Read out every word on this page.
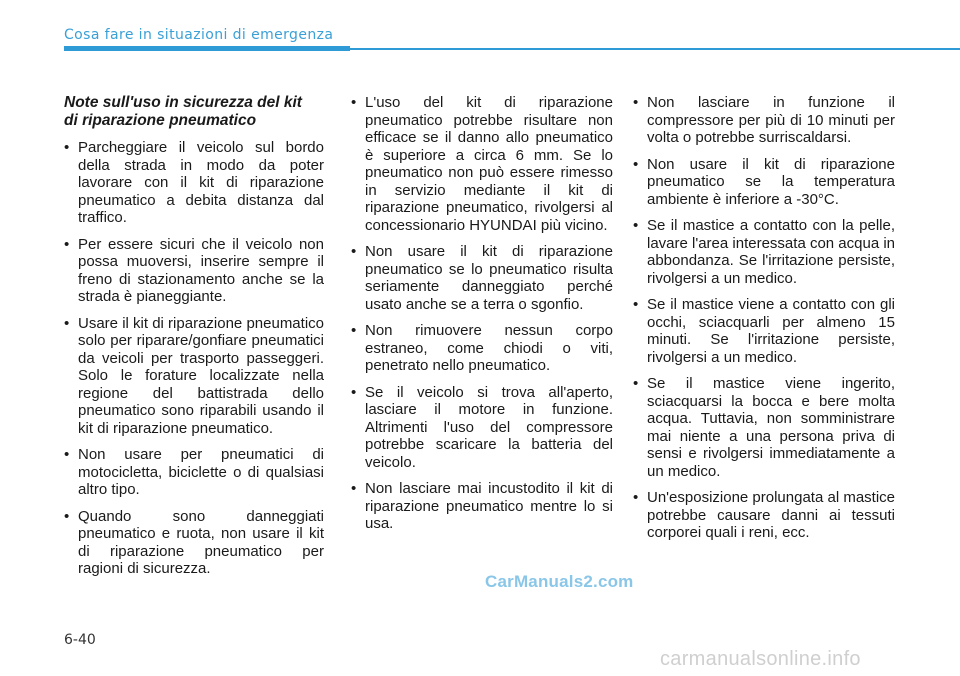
Cosa fare in situazioni di emergenza
Note sull'uso in sicurezza del kit di riparazione pneumatico
• Parcheggiare il veicolo sul bordo della strada in modo da poter lavorare con il kit di riparazione pneumatico a debita distanza dal traffico.
• Per essere sicuri che il veicolo non possa muoversi, inserire sempre il freno di stazionamento anche se la strada è pianeggiante.
• Usare il kit di riparazione pneumatico solo per riparare/gonfiare pneumatici da veicoli per trasporto passeggeri. Solo le forature localizzate nella regione del battistrada dello pneumatico sono riparabili usando il kit di riparazione pneumatico.
• Non usare per pneumatici di motocicletta, biciclette o di qualsiasi altro tipo.
• Quando sono danneggiati pneumatico e ruota, non usare il kit di riparazione pneumatico per ragioni di sicurezza.
• L'uso del kit di riparazione pneumatico potrebbe risultare non efficace se il danno allo pneumatico è superiore a circa 6 mm. Se lo pneumatico non può essere rimesso in servizio mediante il kit di riparazione pneumatico, rivolgersi al concessionario HYUNDAI più vicino.
• Non usare il kit di riparazione pneumatico se lo pneumatico risulta seriamente danneggiato perché usato anche se a terra o sgonfio.
• Non rimuovere nessun corpo estraneo, come chiodi o viti, penetrato nello pneumatico.
• Se il veicolo si trova all'aperto, lasciare il motore in funzione. Altrimenti l'uso del compressore potrebbe scaricare la batteria del veicolo.
• Non lasciare mai incustodito il kit di riparazione pneumatico mentre lo si usa.
• Non lasciare in funzione il compressore per più di 10 minuti per volta o potrebbe surriscaldarsi.
• Non usare il kit di riparazione pneumatico se la temperatura ambiente è inferiore a -30°C.
• Se il mastice a contatto con la pelle, lavare l'area interessata con acqua in abbondanza. Se l'irritazione persiste, rivolgersi a un medico.
• Se il mastice viene a contatto con gli occhi, sciacquarli per almeno 15 minuti. Se l'irritazione persiste, rivolgersi a un medico.
• Se il mastice viene ingerito, sciacquarsi la bocca e bere molta acqua. Tuttavia, non somministrare mai niente a una persona priva di sensi e rivolgersi immediatamente a un medico.
• Un'esposizione prolungata al mastice potrebbe causare danni ai tessuti corporei quali i reni, ecc.
CarManuals2.com
6-40
carmanualsonline.info
